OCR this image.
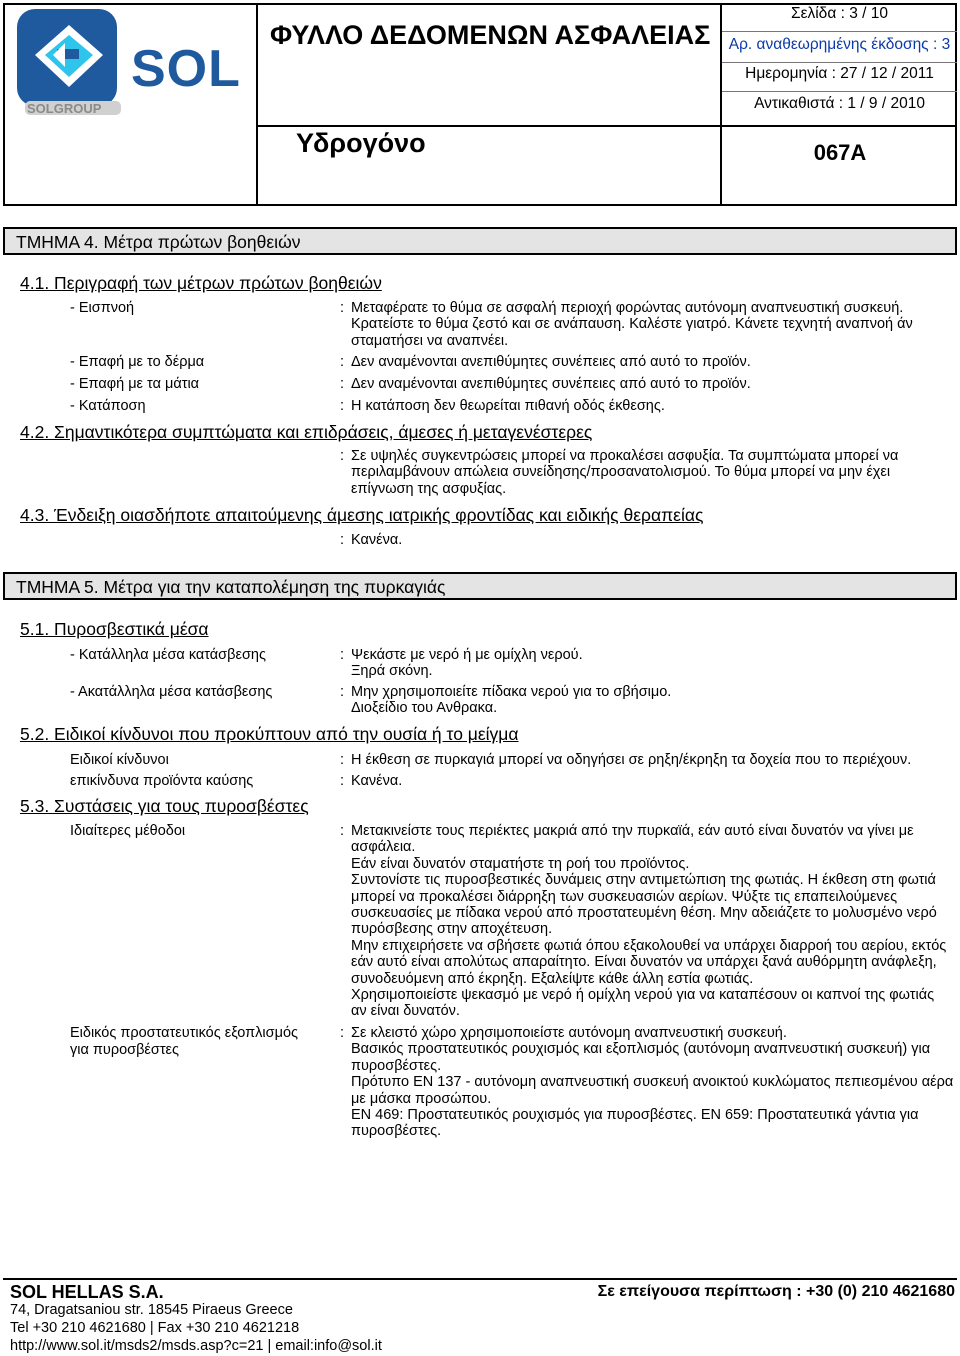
SOL
SOLGROUP
ΦΥΛΛΟ ΔΕΔΟΜΕΝΩΝ ΑΣΦΑΛΕΙΑΣ
Σελίδα : 3 / 10
Αρ. αναθεωρημένης έκδοσης : 3
Ημερομηνία : 27 / 12 / 2011
Αντικαθιστά : 1 / 9 / 2010
Υδρογόνο	067A
ΤΜΗΜΑ 4. Μέτρα πρώτων βοηθειών
4.1. Περιγραφή των μέτρων πρώτων βοηθειών
- Εισπνοή	: Μεταφέρατε το θύμα σε ασφαλή περιοχή φορώντας αυτόνομη αναπνευστική συσκευή.
Κρατείστε το θύμα ζεστό και σε ανάπαυση. Καλέστε γιατρό. Κάνετε τεχνητή αναπνοή άν
σταματήσει να αναπνέει.
- Επαφή με το δέρμα	: Δεν αναμένονται ανεπιθύμητες συνέπειες από αυτό το προϊόν.
- Επαφή με τα μάτια	: Δεν αναμένονται ανεπιθύμητες συνέπειες από αυτό το προϊόν.
- Κατάποση	: Η κατάποση δεν θεωρείται πιθανή οδός έκθεσης.
4.2. Σημαντικότερα συμπτώματα και επιδράσεις, άμεσες ή μεταγενέστερες
: Σε υψηλές συγκεντρώσεις μπορεί να προκαλέσει ασφυξία. Τα συμπτώματα μπορεί να
περιλαμβάνουν απώλεια συνείδησης/προσανατολισμού. Το θύμα μπορεί να μην έχει
επίγνωση της ασφυξίας.
4.3. Ένδειξη οιασδήποτε απαιτούμενης άμεσης ιατρικής φροντίδας και ειδικής θεραπείας
: Κανένα.
ΤΜΗΜΑ 5. Μέτρα για την καταπολέμηση της πυρκαγιάς
5.1. Πυροσβεστικά μέσα
- Κατάλληλα μέσα κατάσβεσης	: Ψεκάστε με νερό ή με ομίχλη νερού.
Ξηρά σκόνη.
- Ακατάλληλα μέσα κατάσβεσης	: Μην χρησιμοποιείτε πίδακα νερού για το σβήσιμο.
Διοξείδιο του Ανθρακα.
5.2. Ειδικοί κίνδυνοι που προκύπτουν από την ουσία ή το μείγμα
Ειδικοί κίνδυνοι	: Η έκθεση σε πυρκαγιά μπορεί να οδηγήσει σε ρηξη/έκρηξη τα δοχεία που το περιέχουν.
επικίνδυνα προϊόντα καύσης	: Κανένα.
5.3. Συστάσεις για τους πυροσβέστες
Ιδιαίτερες μέθοδοι	: Μετακινείστε τους περιέκτες μακριά από την πυρκαϊά, εάν αυτό είναι δυνατόν να γίνει με
ασφάλεια.
Εάν είναι δυνατόν σταματήστε τη ροή του προϊόντος.
Συντονίστε τις πυροσβεστικές δυνάμεις στην αντιμετώπιση της φωτιάς. Η έκθεση στη φωτιά
μπορεί να προκαλέσει διάρρηξη των συσκευασιών αερίων. Ψύξτε τις επαπειλούμενες
συσκευασίες με πίδακα νερού από προστατευμένη θέση. Μην αδειάζετε το μολυσμένο νερό
πυρόσβεσης στην αποχέτευση.
Μην επιχειρήσετε να σβήσετε φωτιά όπου εξακολουθεί να υπάρχει διαρροή του αερίου, εκτός
εάν αυτό είναι απολύτως απαραίτητο. Είναι δυνατόν να υπάρχει ξανά αυθόρμητη ανάφλεξη,
συνοδευόμενη από έκρηξη. Εξαλείψτε κάθε άλλη εστία φωτιάς.
Χρησιμοποιείστε ψεκασμό με νερό ή ομίχλη νερού για να καταπέσουν οι καπνοί της φωτιάς
αν είναι δυνατόν.
Ειδικός προστατευτικός εξοπλισμός
για πυροσβέστες
: Σε κλειστό χώρο χρησιμοποιείστε αυτόνομη αναπνευστική συσκευή.
Βασικός προστατευτικός ρουχισμός και εξοπλισμός (αυτόνομη αναπνευστική συσκευή) για
πυροσβέστες.
Πρότυπο EN 137 - αυτόνομη αναπνευστική συσκευή ανοικτού κυκλώματος πεπιεσμένου αέρα
με μάσκα προσώπου.
EN 469: Προστατευτικός ρουχισμός για πυροσβέστες. EN 659: Προστατευτικά γάντια για
πυροσβέστες.
SOL HELLAS S.A.	Σε επείγουσα περίπτωση : +30 (0) 210 4621680
74, Dragatsaniou str. 18545 Piraeus Greece
Tel +30 210 4621680 | Fax +30 210 4621218
http://www.sol.it/msds2/msds.asp?c=21 | email:info@sol.it
